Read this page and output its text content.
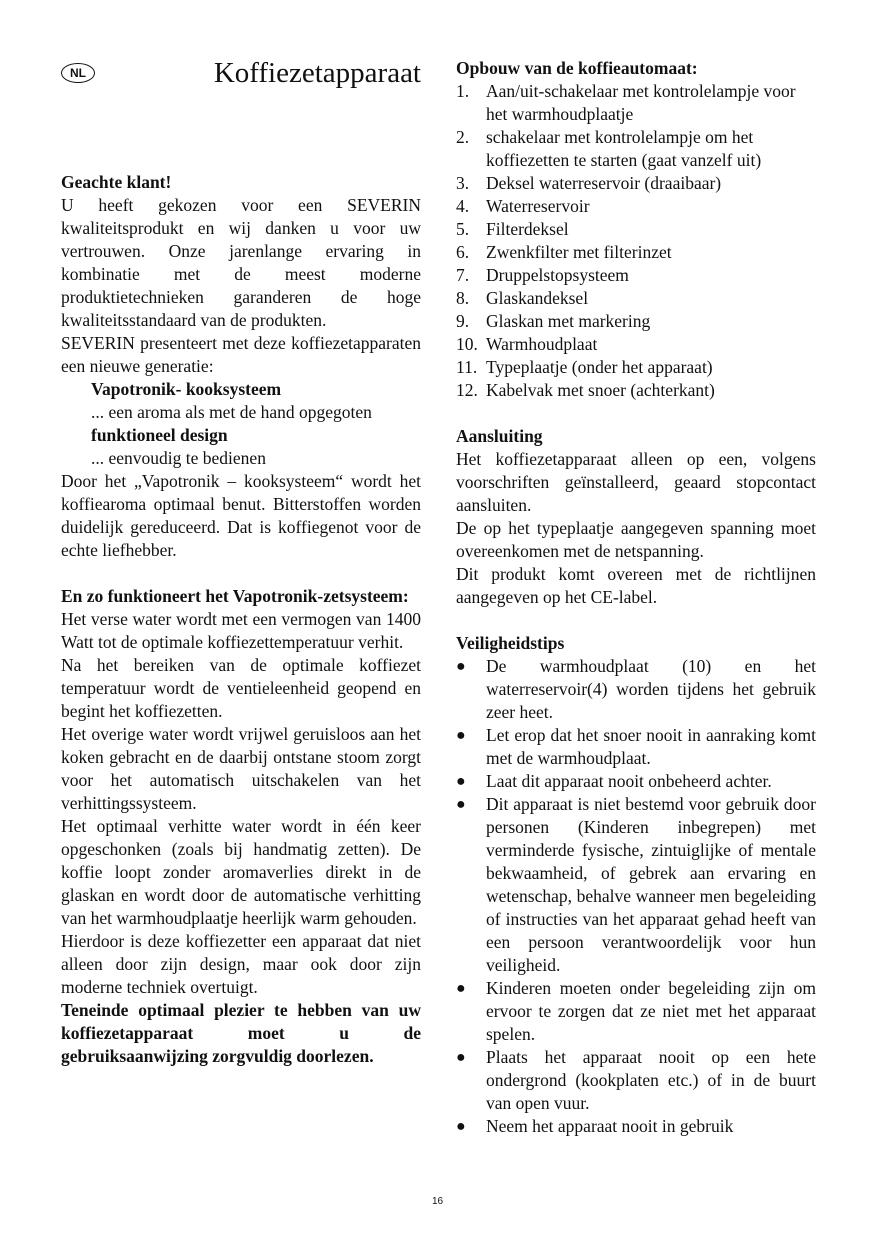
NL	Koffiezetapparaat

Geachte klant!

U heeft gekozen voor een SEVERIN kwaliteitsprodukt en wij danken u voor uw vertrouwen. Onze jarenlange ervaring in kombinatie met de meest moderne produktietechnieken garanderen de hoge kwaliteitsstandaard van de produkten.

SEVERIN presenteert met deze koffiezetapparaten een nieuwe generatie:

Vapotronik- kooksysteem

... een aroma als met de hand opgegoten

funktioneel design

... eenvoudig te bedienen

Door het „Vapotronik – kooksysteem“ wordt het koffiearoma optimaal benut. Bitterstoffen worden duidelijk gereduceerd. Dat is koffiegenot voor de echte liefhebber.

En zo funktioneert het Vapotronik-zetsysteem:

Het verse water wordt met een vermogen van 1400 Watt tot de optimale koffiezettemperatuur verhit.

Na het bereiken van de optimale koffiezet temperatuur wordt de ventieleenheid geopend en begint het koffiezetten.

Het overige water wordt vrijwel geruisloos aan het koken gebracht en de daarbij ontstane stoom zorgt voor het automatisch uitschakelen van het verhittingssysteem.

Het optimaal verhitte water wordt in één keer opgeschonken (zoals bij handmatig zetten). De koffie loopt zonder aromaverlies direkt in de glaskan en wordt door de automatische verhitting van het warmhoudplaatje heerlijk warm gehouden.

Hierdoor is deze koffiezetter een apparaat dat niet alleen door zijn design, maar ook door zijn moderne techniek overtuigt.

Teneinde optimaal plezier te hebben van uw koffiezetapparaat moet u de gebruiksaanwijzing zorgvuldig doorlezen.

Opbouw van de koffieautomaat:

1. Aan/uit-schakelaar met kontrolelampje voor het warmhoudplaatje
2. schakelaar met kontrolelampje om het koffiezetten te starten (gaat vanzelf uit)
3. Deksel waterreservoir (draaibaar)
4. Waterreservoir
5. Filterdeksel
6. Zwenkfilter met filterinzet
7. Druppelstopsysteem
8. Glaskandeksel
9. Glaskan met markering
10. Warmhoudplaat
11. Typeplaatje (onder het apparaat)
12. Kabelvak met snoer (achterkant)

Aansluiting

Het koffiezetapparaat alleen op een, volgens voorschriften geïnstalleerd, geaard stopcontact aansluiten.

De op het typeplaatje aangegeven spanning moet overeenkomen met de netspanning.

Dit produkt komt overeen met de richtlijnen aangegeven op het CE-label.

Veiligheidstips

●	De warmhoudplaat (10) en het waterreservoir(4) worden tijdens het gebruik zeer heet.
●	Let erop dat het snoer nooit in aanraking komt met de warmhoudplaat.
●	Laat dit apparaat nooit onbeheerd achter.
●	Dit apparaat is niet bestemd voor gebruik door personen (Kinderen inbegrepen) met verminderde fysische, zintuiglijke of mentale bekwaamheid, of gebrek aan ervaring en wetenschap, behalve wanneer men begeleiding of instructies van het apparaat gehad heeft van een persoon verantwoordelijk voor hun veiligheid.
●	Kinderen moeten onder begeleiding zijn om ervoor te zorgen dat ze niet met het apparaat spelen.
●	Plaats het apparaat nooit op een hete ondergrond (kookplaten etc.) of in de buurt van open vuur.
●	Neem het apparaat nooit in gebruik
16
